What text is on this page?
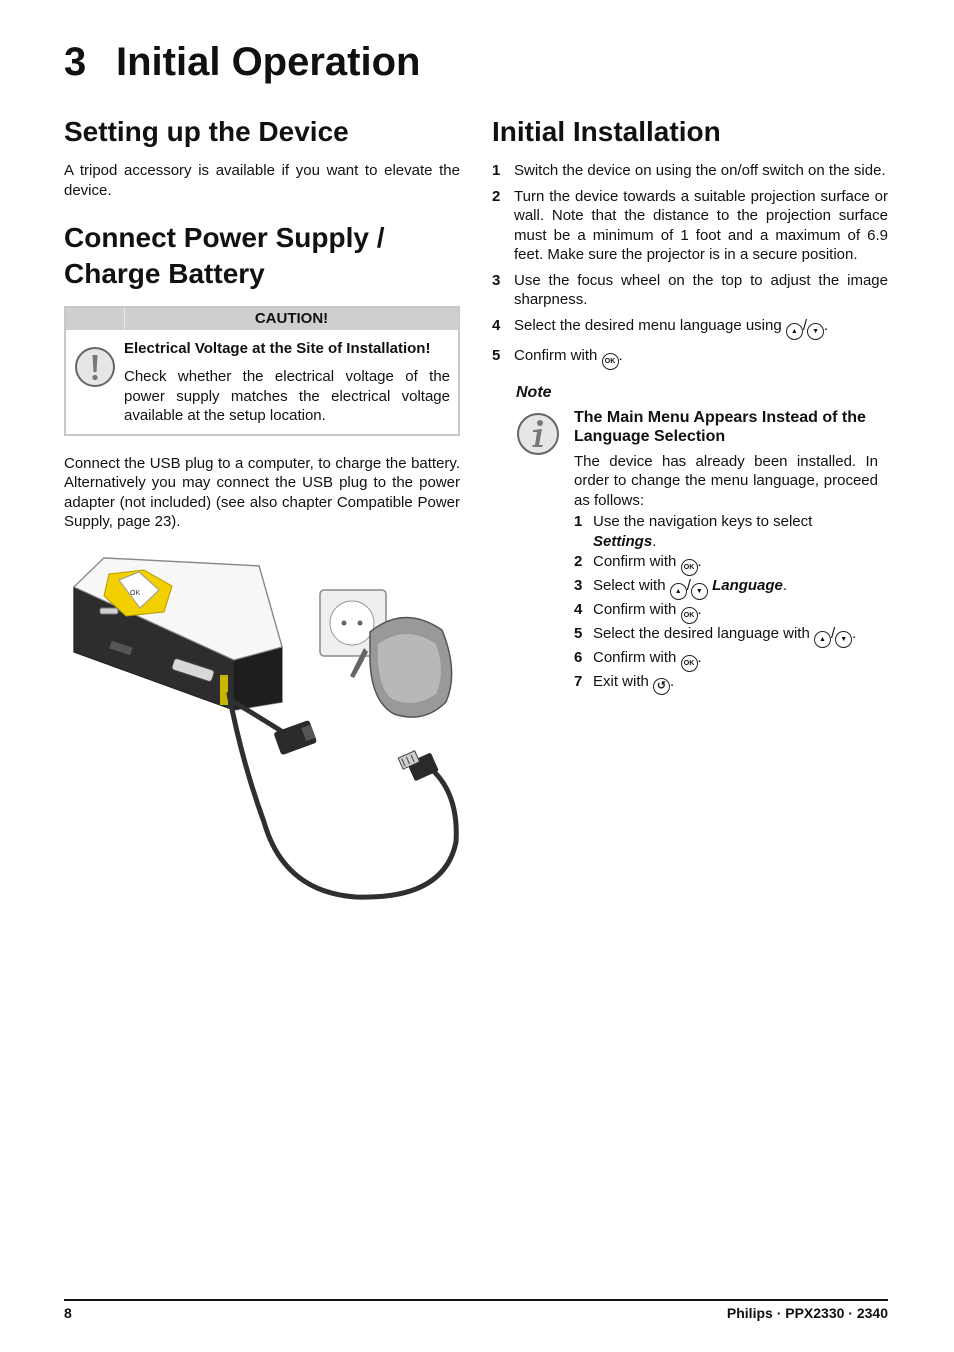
3 Initial Operation
Setting up the Device

A tripod accessory is available if you want to elevate the device.

Connect Power Supply /
Charge Battery
CAUTION!
Electrical Voltage at the Site of Installation!

Check whether the electrical voltage of the power supply matches the electrical voltage available at the setup location.

Connect the USB plug to a computer, to charge the battery. Alternatively you may connect the USB plug to the power adapter (not included) (see also chapter Compatible Power Supply, page 23).

OK
Initial Installation
1 Switch the device on using the on/off switch on the side.
2 Turn the device towards a suitable projection surface or wall. Note that the distance to the projection surface must be a minimum of 1 foot and a maximum of 6.9 feet. Make sure the projector is in a secure position.
3 Use the focus wheel on the top to adjust the image sharpness.
4 Select the desired menu language using ▲ / ▼ .
5 Confirm with OK .
Note
The Main Menu Appears Instead of the Language Selection

The device has already been installed. In order to change the menu language, proceed as follows:

1 Use the navigation keys to select Settings.
2 Confirm with OK .
3 Select with ▲ / ▼ Language.
4 Confirm with OK .
5 Select the desired language with ▲ / ▼ .
6 Confirm with OK .
7 Exit with ↺ .
8	Philips · PPX2330 · 2340
